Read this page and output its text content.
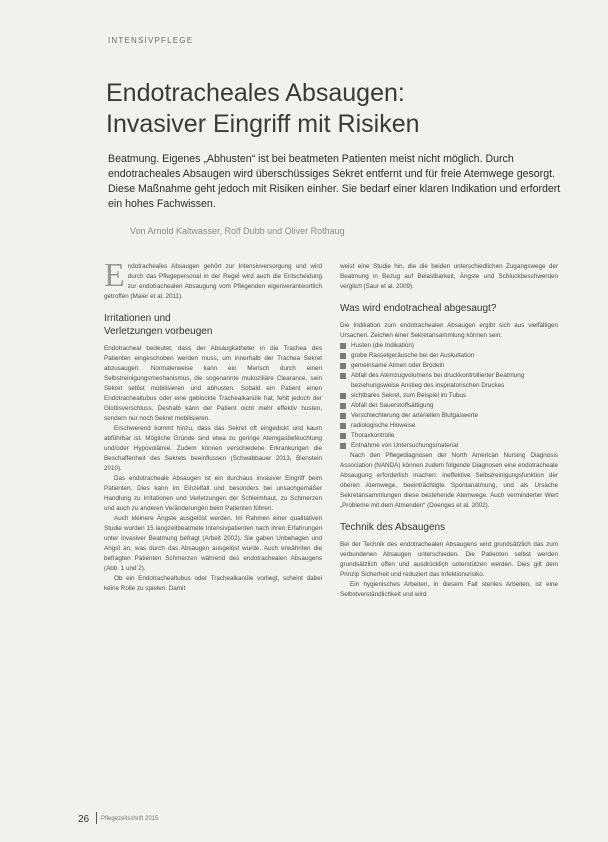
INTENSIVPFLEGE
Endotracheales Absaugen:
Invasiver Eingriff mit Risiken

Beatmung. Eigenes „Abhusten“ ist bei beatmeten Patienten meist nicht möglich. Durch endotracheales Absaugen wird überschüssiges Sekret entfernt und für freie Atemwege gesorgt. Diese Maßnahme geht jedoch mit Risiken einher. Sie bedarf einer klaren Indikation und erfordert ein hohes Fachwissen.

Von Arnold Kaltwasser, Rolf Dubb und Oliver Rothaug

Endotracheales Absaugen gehört zur Intensivversorgung und wird durch das Pflegepersonal in der Regel wird auch die Entscheidung zur endotrachealen Absaugung vom Pflegenden eigenverantwortlich getroffen (Maier et al. 2011).

Irritationen und
Verletzungen vorbeugen

Endotracheal bedeutet, dass der Absaugkatheter in die Trachea des Patienten eingeschoben werden muss, um innerhalb der Trachea Sekret abzusaugen. Normalerweise kann ein Mensch durch einen Selbstreinigungsmechanismus, die sogenannte mukoziliäre Clearance, sein Sekret selbst mobilisieren und abhusten. Sobald ein Patient einen Endotrachealtubus oder eine geblockte Trachealkanüle hat, fehlt jedoch der Glottisverschluss. Deshalb kann der Patient nicht mehr effektiv husten, sondern nur noch Sekret mobilisieren.

Erschwerend kommt hinzu, dass das Sekret oft eingedickt und kaum abführbar ist. Mögliche Gründe sind etwa zu geringe Atemgasbefeuchtung und/oder Hypovolämie. Zudem können verschiedene Erkrankungen die Beschaffenheit des Sekrets beeinflussen (Schwabbauer 2013, Bienstein 2010).

Das endotracheale Absaugen ist ein durchaus invasiver Eingriff beim Patienten. Dies kann im Einzelfall und besonders bei unsachgemäßer Handlung zu Irritationen und Verletzungen der Schleimhaut, zu Schmerzen und auch zu anderen Veränderungen beim Patienten führen.

Auch kleinere Ängste ausgelöst werden. Im Rahmen einer qualitativen Studie wurden 15 langzeitbeatmete Intensivpatienten nach ihren Erfahrungen unter invasiver Beatmung befragt (Arbeit 2002). Sie gaben Unbehagen und Angst an, was durch das Absaugen ausgelöst wurde. Auch erwähnten die befragten Patienten Schmerzen während des endotrachealen Absaugens (Abb. 1 und 2).

Ob ein Endotrachealtubus oder Trachealkanüle vorliegt, scheint dabei keine Rolle zu spielen. Damit

weist eine Studie hin, die die beiden unterschiedlichen Zugangswege der Beatmung in Bezug auf Belastbarkeit, Ängste und Schluckbeschwerden verglich (Saur et al. 2009).

Was wird endotracheal abgesaugt?

Die Indikation zum endotrachealen Absaugen ergibt sich aus vielfältigen Ursachen. Zeichen einer Sekretansammlung können sein:

Husten (die Indikation)
grobe Rasselgeräusche bei der Auskultation
gemeinsame Atmen oder Brodeln
Abfall des Atemzugvolumens bei druckkontrollierter Beatmung beziehungsweise Anstieg des inspiratorischen Druckes
sichtbares Sekret, zum Beispiel im Tubus
Abfall der Sauerstoffsättigung
Verschlechterung der arteriellen Blutgaswerte
radiologische Hinweise
Thoraxkontrolle
Entnahme von Untersuchungsmaterial

Nach den Pflegediagnosen der North American Nursing Diagnosis Association (NANDA) können zudem folgende Diagnosen eine endotracheale Absaugung erforderlich machen: ineffektive Selbstreinigungsfunktion der oberen Atemwege, beeinträchtigte Spontanatmung, und als Ursache Sekretansammlungen diese bestehende Atemwege. Auch verminderter Wert „Probleme mit dem Atmenden“ (Doenges et al. 2002).

Technik des Absaugens

Bei der Technik des endotrachealen Absaugens wird grundsätzlich das zum verbundenen Absaugen unterschieden. Die Patienten selbst werden grundsätzlich offen und ausdrücklich unterstützen werden. Dies gilt dem Prinzip Sicherheit und reduziert das Infektionsrisiko.

Ein hygienisches Arbeiten, in diesem Fall steriles Arbeiten, ist eine Selbstverständlichkeit und wird

26 Pflegezeitschrift 2015
